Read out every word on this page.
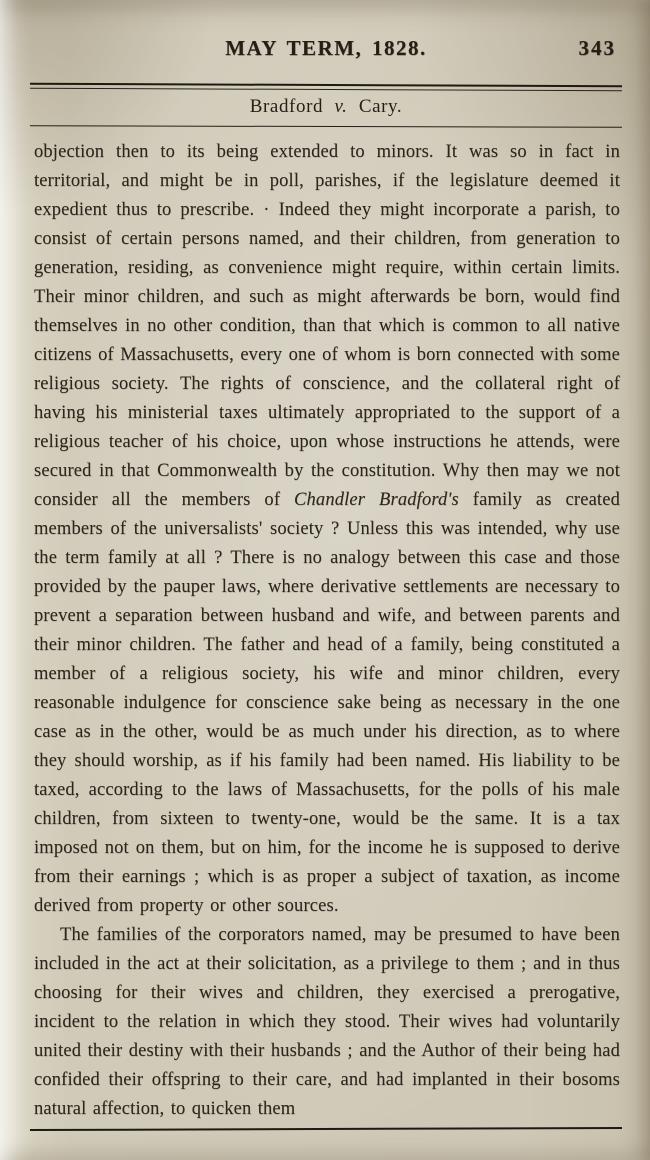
MAY TERM, 1828.	343
Bradford v. Cary.

objection then to its being extended to minors. It was so in fact in territorial, and might be in poll, parishes, if the legislature deemed it expedient thus to prescribe. · Indeed they might incorporate a parish, to consist of certain persons named, and their children, from generation to generation, residing, as convenience might require, within certain limits. Their minor children, and such as might afterwards be born, would find themselves in no other condition, than that which is common to all native citizens of Massachusetts, every one of whom is born connected with some religious society. The rights of conscience, and the collateral right of having his ministerial taxes ultimately appropriated to the support of a religious teacher of his choice, upon whose instructions he attends, were secured in that Commonwealth by the constitution. Why then may we not consider all the members of Chandler Bradford's family as created members of the universalists' society ? Unless this was intended, why use the term family at all ? There is no analogy between this case and those provided by the pauper laws, where derivative settlements are necessary to prevent a separation between husband and wife, and between parents and their minor children. The father and head of a family, being constituted a member of a religious society, his wife and minor children, every reasonable indulgence for conscience sake being as necessary in the one case as in the other, would be as much under his direction, as to where they should worship, as if his family had been named. His liability to be taxed, according to the laws of Massachusetts, for the polls of his male children, from sixteen to twenty-one, would be the same. It is a tax imposed not on them, but on him, for the income he is supposed to derive from their earnings ; which is as proper a subject of taxation, as income derived from property or other sources.

The families of the corporators named, may be presumed to have been included in the act at their solicitation, as a privilege to them ; and in thus choosing for their wives and children, they exercised a prerogative, incident to the relation in which they stood. Their wives had voluntarily united their destiny with their husbands ; and the Author of their being had confided their offspring to their care, and had implanted in their bosoms natural affection, to quicken them
